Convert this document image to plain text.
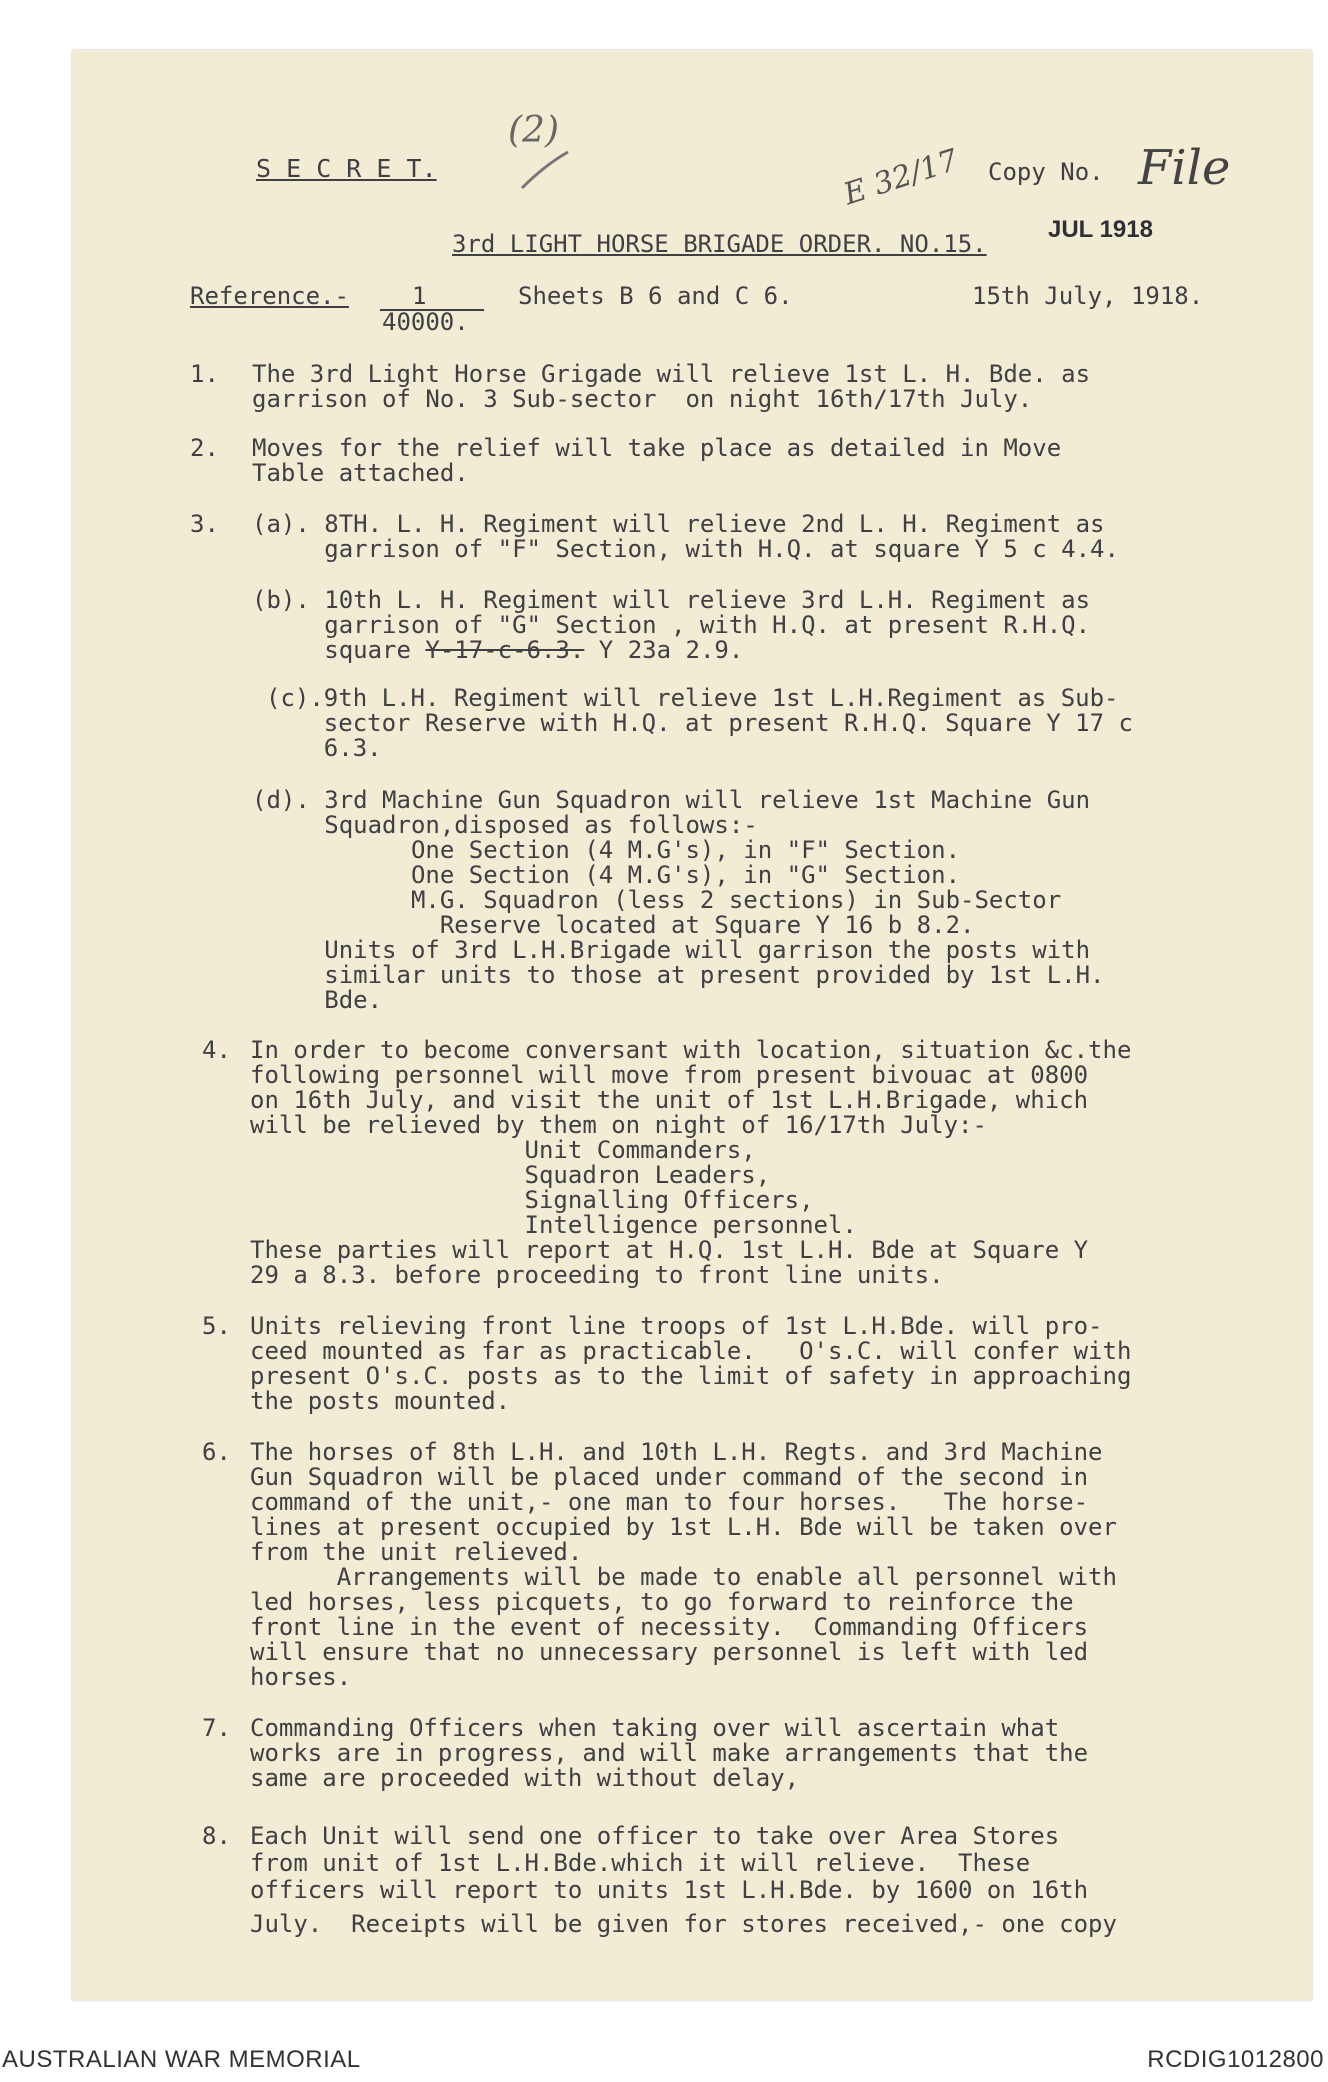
S E C R E T.
(2)
E 32/17 Copy No. File
JUL 1918
3rd LIGHT HORSE BRIGADE ORDER. NO.15.
Reference.-	1
40000.
Sheets B 6 and C 6.	15th July, 1918.
1. The 3rd Light Horse Grigade will relieve 1st L. H. Bde. as
garrison of No. 3 Sub-sector  on night 16th/17th July.
2. Moves for the relief will take place as detailed in Move
Table attached.
3. (a). 8TH. L. H. Regiment will relieve 2nd L. H. Regiment as
garrison of "F" Section, with H.Q. at square Y 5 c 4.4.
(b). 10th L. H. Regiment will relieve 3rd L.H. Regiment as
garrison of "G" Section , with H.Q. at present R.H.Q.
square Y-17-c-6.3. Y 23a 2.9.
(c).9th L.H. Regiment will relieve 1st L.H.Regiment as Sub-
sector Reserve with H.Q. at present R.H.Q. Square Y 17 c
6.3.
(d). 3rd Machine Gun Squadron will relieve 1st Machine Gun
Squadron,disposed as follows:-
One Section (4 M.G's), in "F" Section.
One Section (4 M.G's), in "G" Section.
M.G. Squadron (less 2 sections) in Sub-Sector
Reserve located at Square Y 16 b 8.2.
Units of 3rd L.H.Brigade will garrison the posts with
similar units to those at present provided by 1st L.H.
Bde.
4. In order to become conversant with location, situation &c.the
following personnel will move from present bivouac at 0800
on 16th July, and visit the unit of 1st L.H.Brigade, which
will be relieved by them on night of 16/17th July:-
Unit Commanders,
Squadron Leaders,
Signalling Officers,
Intelligence personnel.
These parties will report at H.Q. 1st L.H. Bde at Square Y
29 a 8.3. before proceeding to front line units.
5. Units relieving front line troops of 1st L.H.Bde. will pro-
ceed mounted as far as practicable.   O's.C. will confer with
present O's.C. posts as to the limit of safety in approaching
the posts mounted.
6. The horses of 8th L.H. and 10th L.H. Regts. and 3rd Machine
Gun Squadron will be placed under command of the second in
command of the unit,- one man to four horses.   The horse-
lines at present occupied by 1st L.H. Bde will be taken over
from the unit relieved.
Arrangements will be made to enable all personnel with
led horses, less picquets, to go forward to reinforce the
front line in the event of necessity.  Commanding Officers
will ensure that no unnecessary personnel is left with led
horses.
7. Commanding Officers when taking over will ascertain what
works are in progress, and will make arrangements that the
same are proceeded with without delay,
8. Each Unit will send one officer to take over Area Stores
from unit of 1st L.H.Bde.which it will relieve.  These
officers will report to units 1st L.H.Bde. by 1600 on 16th
July.  Receipts will be given for stores received,- one copy
AUSTRALIAN WAR MEMORIAL	RCDIG1012800
